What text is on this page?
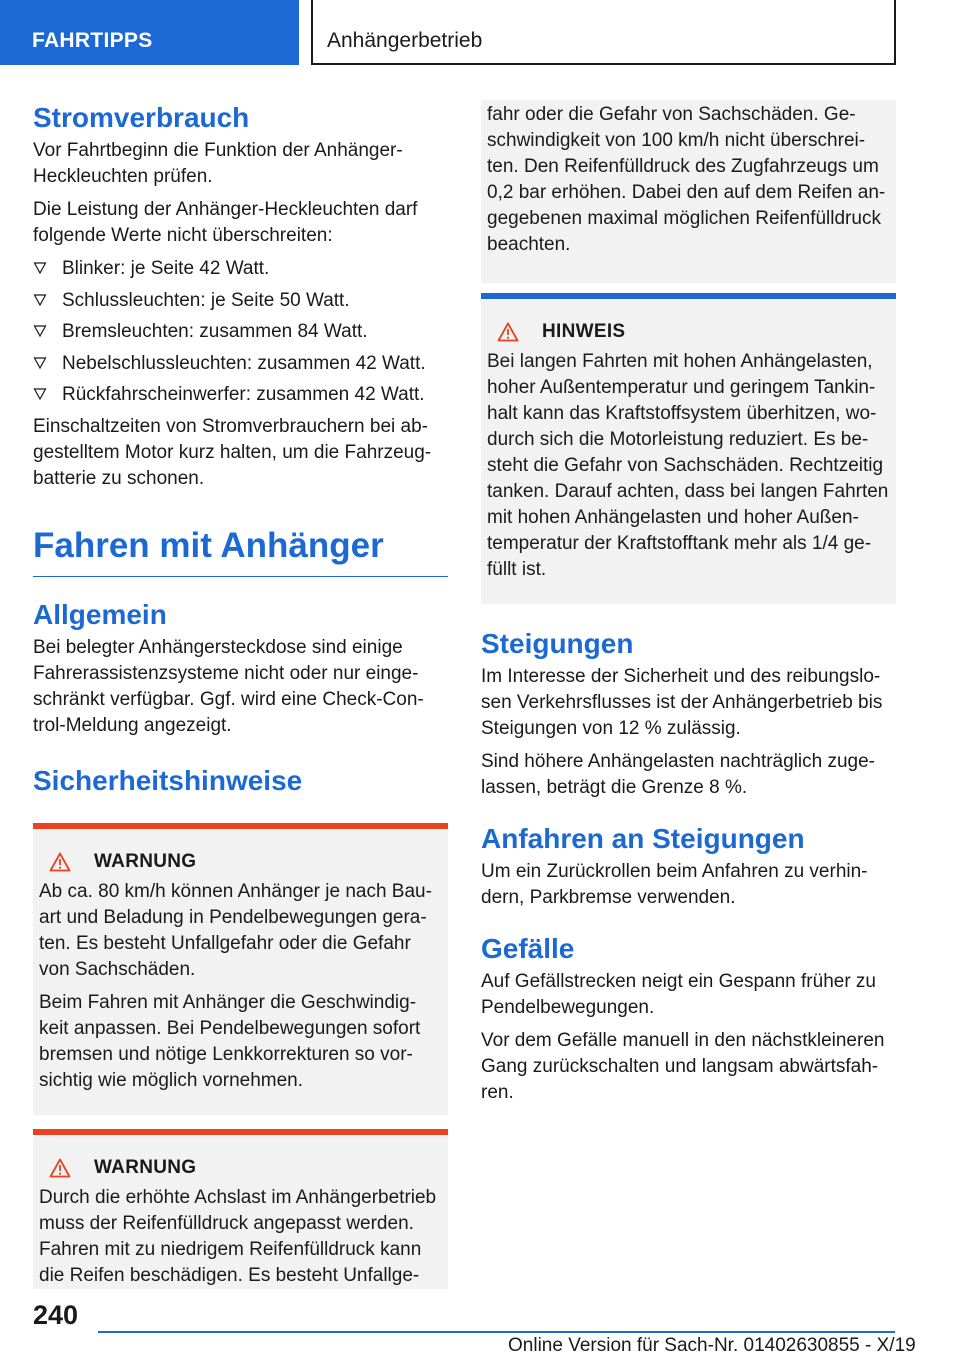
FAHRTIPPS	Anhängerbetrieb
Stromverbrauch

Vor Fahrtbeginn die Funktion der Anhänger-Heckleuchten prüfen.

Die Leistung der Anhänger-Heckleuchten darf folgende Werte nicht überschreiten:

Blinker: je Seite 42 Watt.
Schlussleuchten: je Seite 50 Watt.
Bremsleuchten: zusammen 84 Watt.
Nebelschlussleuchten: zusammen 42 Watt.
Rückfahrscheinwerfer: zusammen 42 Watt.

Einschaltzeiten von Stromverbrauchern bei ab-gestelltem Motor kurz halten, um die Fahrzeug-batterie zu schonen.

Fahren mit Anhänger
Allgemein

Bei belegter Anhängersteckdose sind einige Fahrerassistenzsysteme nicht oder nur einge-schränkt verfügbar. Ggf. wird eine Check-Con-trol-Meldung angezeigt.

Sicherheitshinweise
WARNUNG

Ab ca. 80 km/h können Anhänger je nach Bau-art und Beladung in Pendelbewegungen gera-ten. Es besteht Unfallgefahr oder die Gefahr von Sachschäden.

Beim Fahren mit Anhänger die Geschwindig-keit anpassen. Bei Pendelbewegungen sofort bremsen und nötige Lenkkorrekturen so vor-sichtig wie möglich vornehmen.

WARNUNG

Durch die erhöhte Achslast im Anhängerbetrieb muss der Reifenfülldruck angepasst werden. Fahren mit zu niedrigem Reifenfülldruck kann die Reifen beschädigen. Es besteht Unfallge-

fahr oder die Gefahr von Sachschäden. Ge-schwindigkeit von 100 km/h nicht überschrei-ten. Den Reifenfülldruck des Zugfahrzeugs um 0,2 bar erhöhen. Dabei den auf dem Reifen an-gegebenen maximal möglichen Reifenfülldruck beachten.

HINWEIS

Bei langen Fahrten mit hohen Anhängelasten, hoher Außentemperatur und geringem Tankin-halt kann das Kraftstoffsystem überhitzen, wo-durch sich die Motorleistung reduziert. Es be-steht die Gefahr von Sachschäden. Rechtzeitig tanken. Darauf achten, dass bei langen Fahrten mit hohen Anhängelasten und hoher Außen-temperatur der Kraftstofftank mehr als 1/4 ge-füllt ist.

Steigungen

Im Interesse der Sicherheit und des reibungslo-sen Verkehrsflusses ist der Anhängerbetrieb bis Steigungen von 12 % zulässig.

Sind höhere Anhängelasten nachträglich zuge-lassen, beträgt die Grenze 8 %.

Anfahren an Steigungen

Um ein Zurückrollen beim Anfahren zu verhin-dern, Parkbremse verwenden.

Gefälle

Auf Gefällstrecken neigt ein Gespann früher zu Pendelbewegungen.

Vor dem Gefälle manuell in den nächstkleineren Gang zurückschalten und langsam abwärtsfah-ren.

240
Online Version für Sach-Nr. 01402630855 - X/19
